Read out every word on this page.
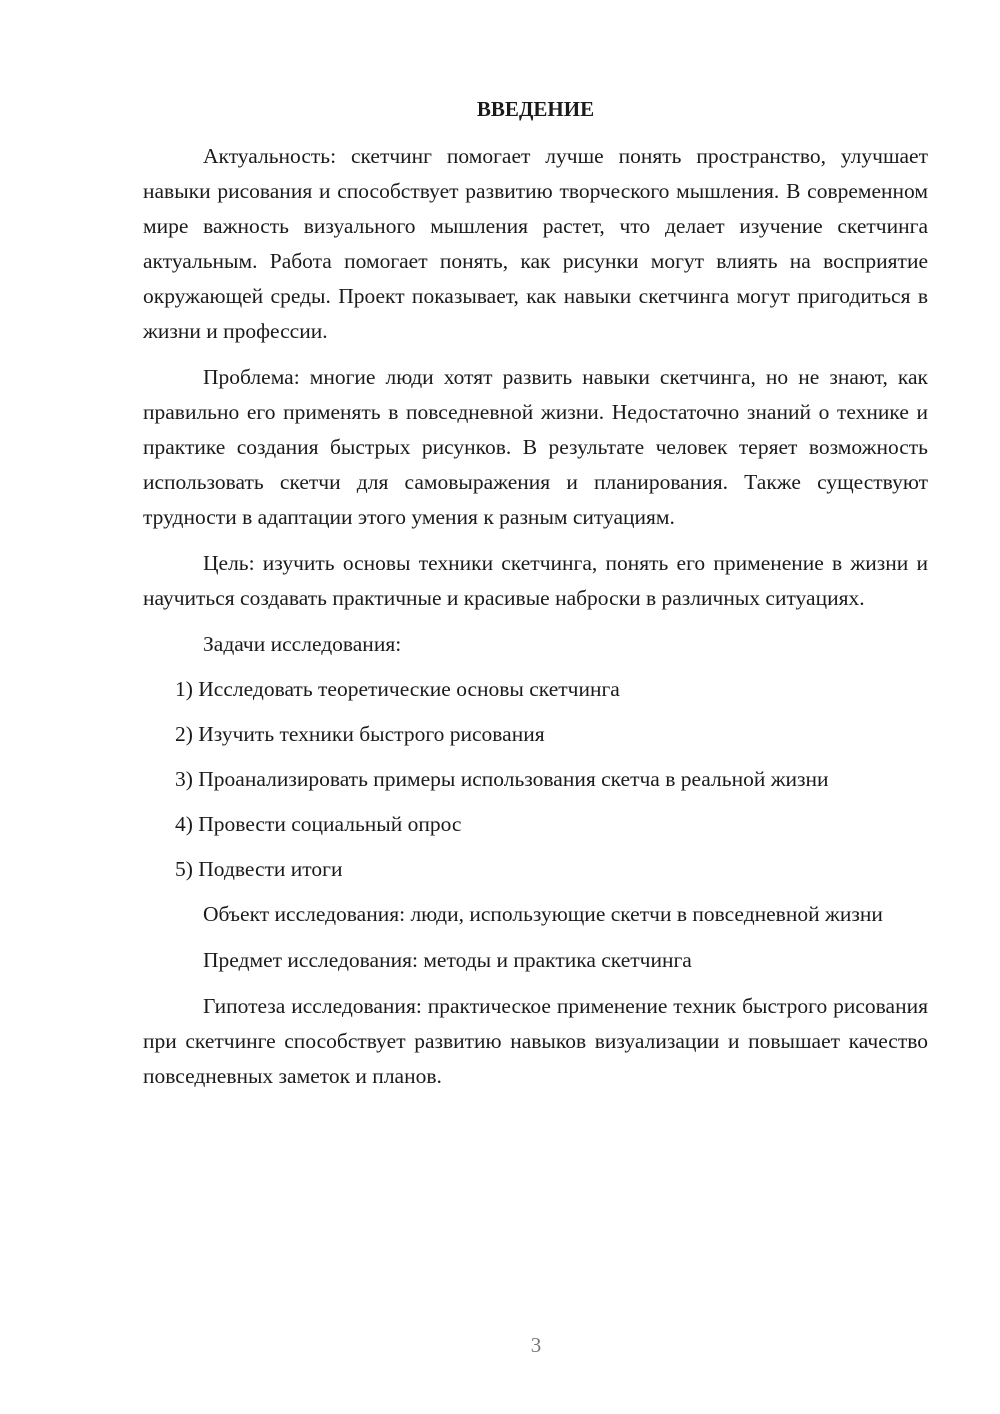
ВВЕДЕНИЕ

Актуальность: скетчинг помогает лучше понять пространство, улучшает навыки рисования и способствует развитию творческого мышления. В современном мире важность визуального мышления растет, что делает изучение скетчинга актуальным. Работа помогает понять, как рисунки могут влиять на восприятие окружающей среды. Проект показывает, как навыки скетчинга могут пригодиться в жизни и профессии.

Проблема: многие люди хотят развить навыки скетчинга, но не знают, как правильно его применять в повседневной жизни. Недостаточно знаний о технике и практике создания быстрых рисунков. В результате человек теряет возможность использовать скетчи для самовыражения и планирования. Также существуют трудности в адаптации этого умения к разным ситуациям.

Цель: изучить основы техники скетчинга, понять его применение в жизни и научиться создавать практичные и красивые наброски в различных ситуациях.

Задачи исследования:

1) Исследовать теоретические основы скетчинга

2) Изучить техники быстрого рисования

3) Проанализировать примеры использования скетча в реальной жизни

4) Провести социальный опрос

5) Подвести итоги

Объект исследования: люди, использующие скетчи в повседневной жизни

Предмет исследования: методы и практика скетчинга

Гипотеза исследования: практическое применение техник быстрого рисования при скетчинге способствует развитию навыков визуализации и повышает качество повседневных заметок и планов.

3
